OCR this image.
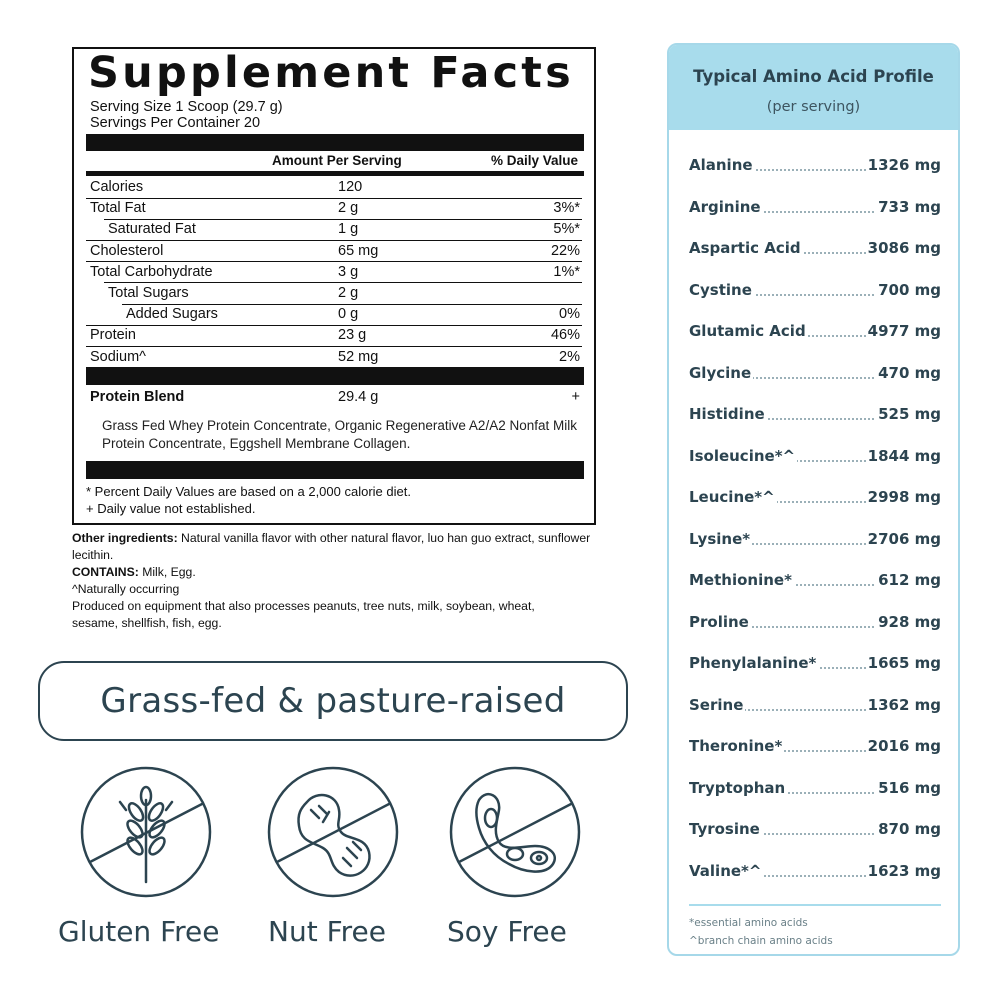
Supplement Facts
Serving Size 1 Scoop (29.7 g)
Servings Per Container 20
Amount Per Serving	% Daily Value
Calories	120
Total Fat	2 g	3%*
Saturated Fat	1 g	5%*
Cholesterol	65 mg	22%
Total Carbohydrate	3 g	1%*
Total Sugars	2 g
Added Sugars	0 g	0%
Protein	23 g	46%
Sodium^	52 mg	2%
Protein Blend	29.4 g	+
Grass Fed Whey Protein Concentrate, Organic Regenerative A2/A2 Nonfat Milk Protein Concentrate, Eggshell Membrane Collagen.
* Percent Daily Values are based on a 2,000 calorie diet.
+ Daily value not established.
Other ingredients: Natural vanilla flavor with other natural flavor, luo han guo extract, sunflower lecithin.
CONTAINS: Milk, Egg.
^Naturally occurring
Produced on equipment that also processes peanuts, tree nuts, milk, soybean, wheat, sesame, shellfish, fish, egg.
Grass-fed & pasture-raised
Gluten Free Nut Free Soy Free
Typical Amino Acid Profile
(per serving)
Alanine	1326 mg
Arginine	733 mg
Aspartic Acid	3086 mg
Cystine	700 mg
Glutamic Acid	4977 mg
Glycine	470 mg
Histidine	525 mg
Isoleucine*^	1844 mg
Leucine*^	2998 mg
Lysine*	2706 mg
Methionine*	612 mg
Proline	928 mg
Phenylalanine*	1665 mg
Serine	1362 mg
Theronine*	2016 mg
Tryptophan	516 mg
Tyrosine	870 mg
Valine*^	1623 mg
*essential amino acids
^branch chain amino acids
